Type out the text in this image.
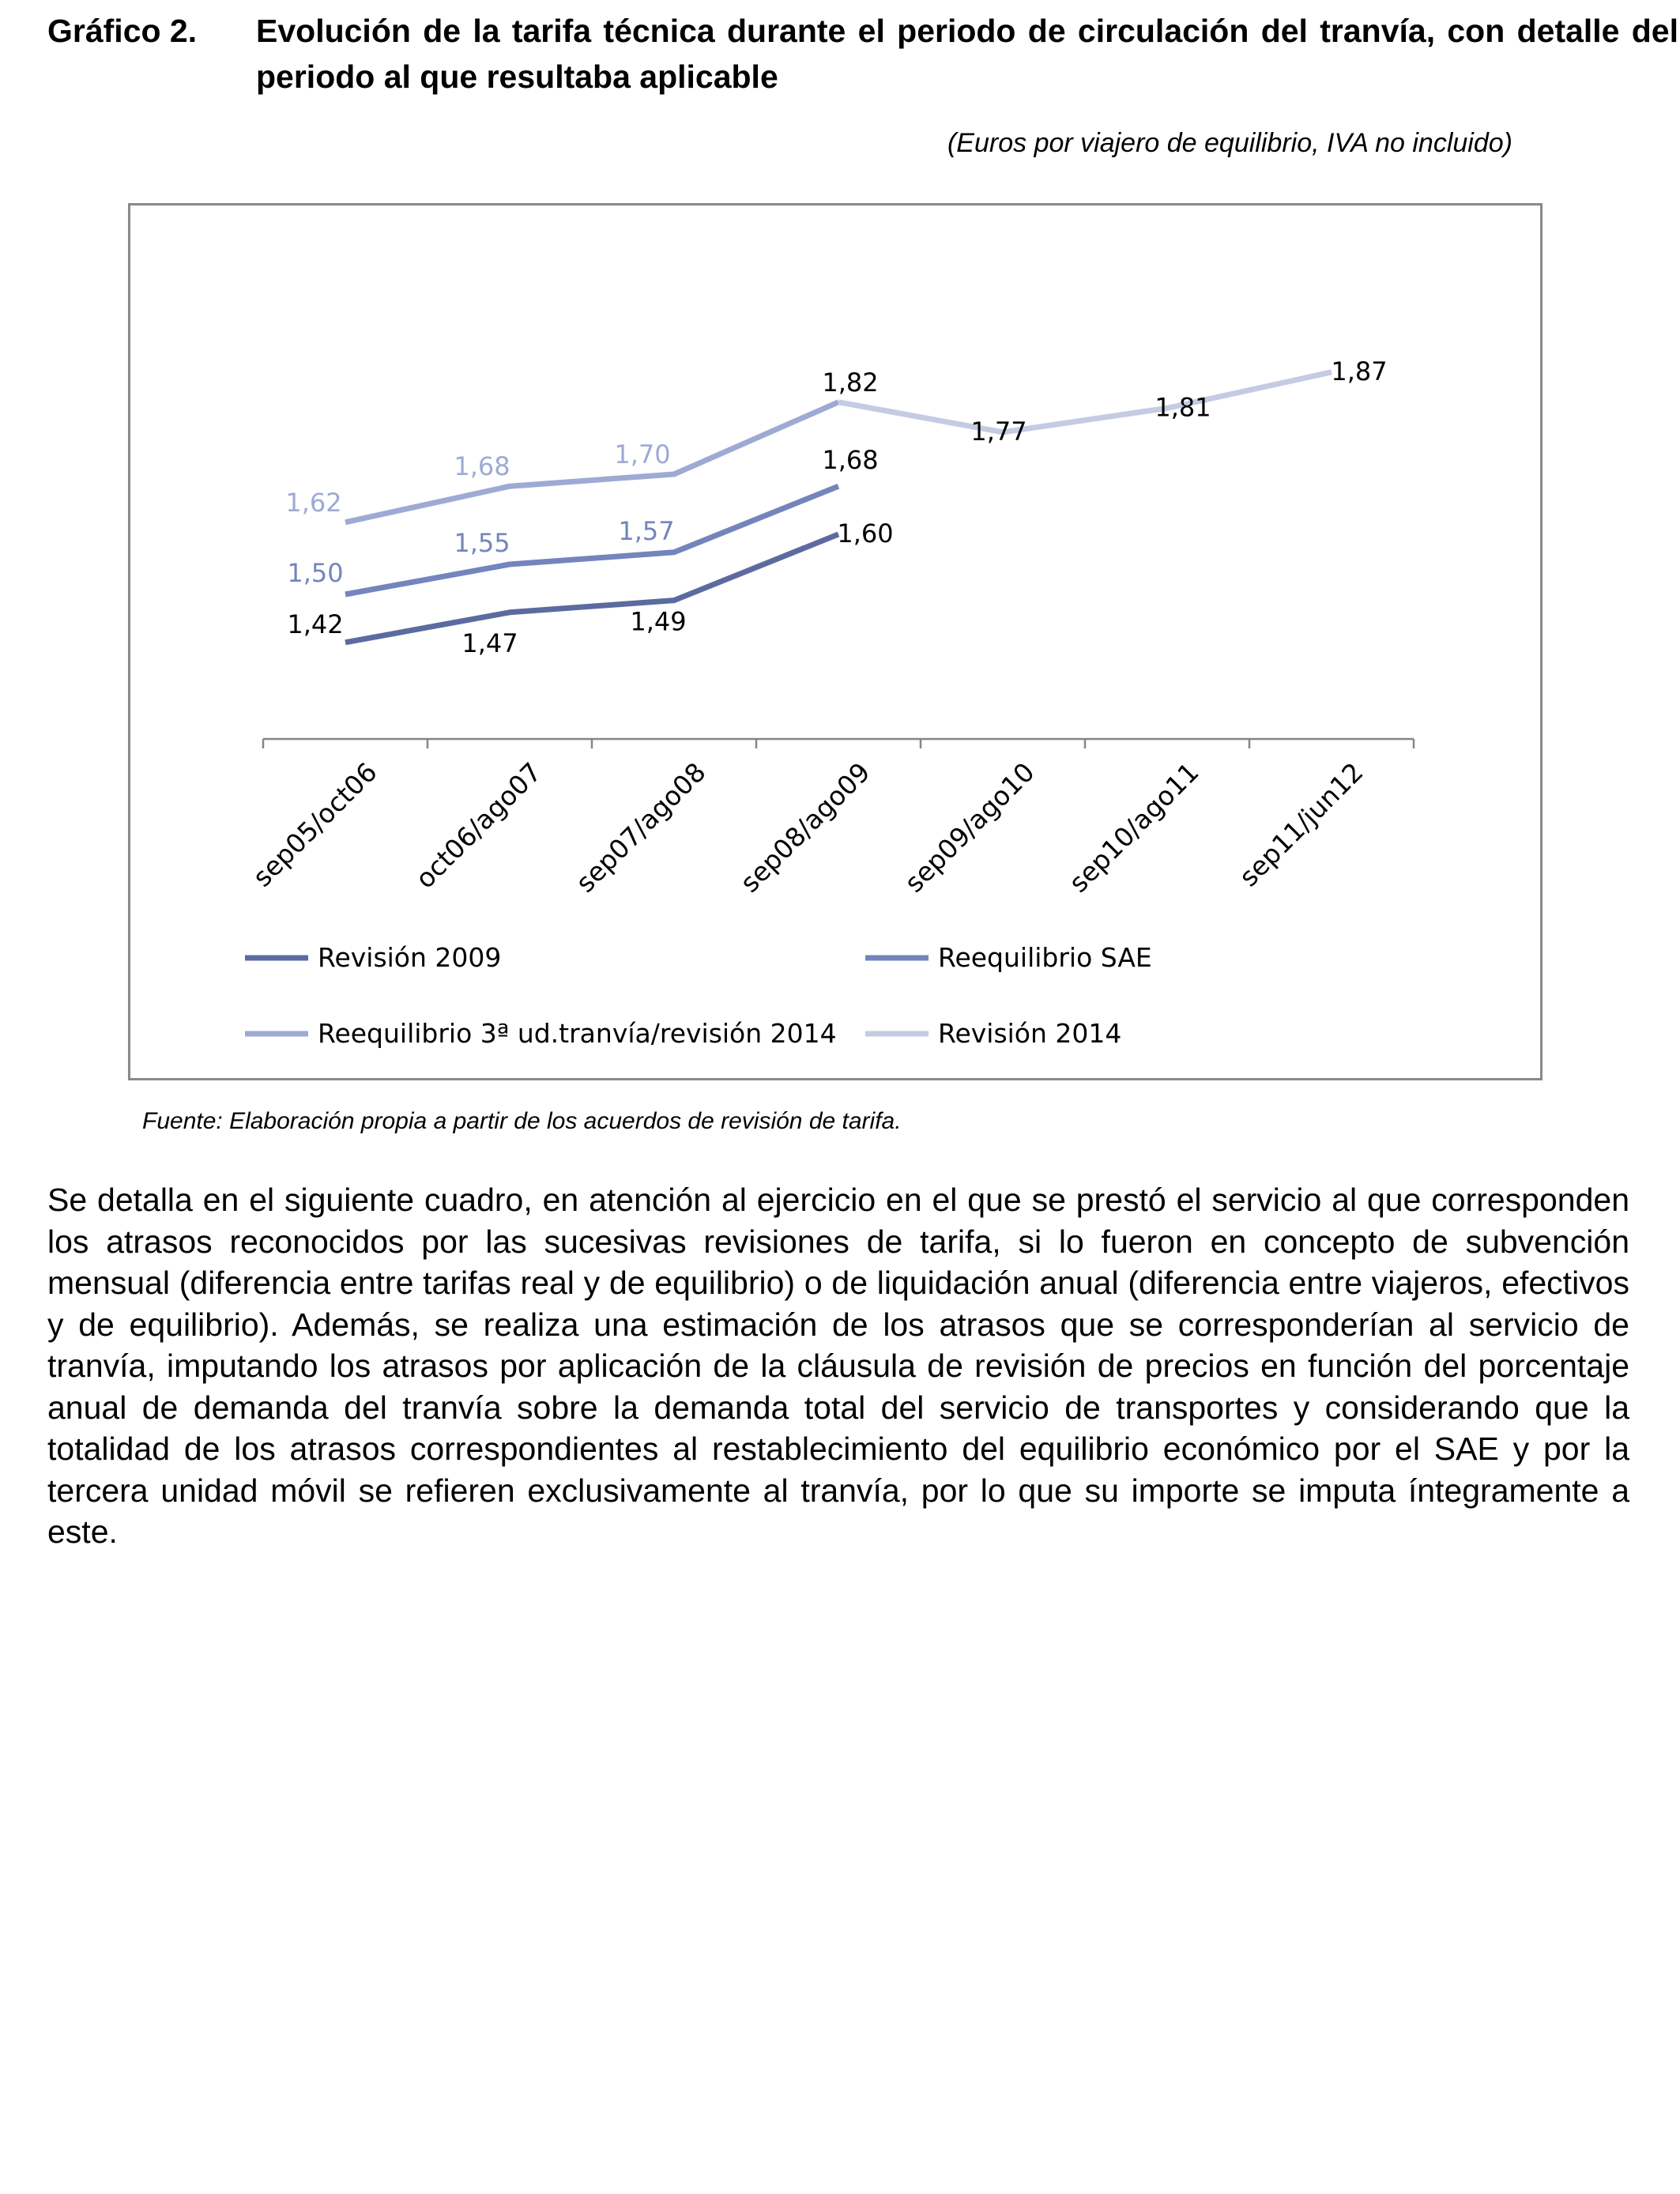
Gráfico 2. Evolución de la tarifa técnica durante el periodo de circulación del tranvía, con detalle del periodo al que resultaba aplicable
(Euros por viajero de equilibrio, IVA no incluido)
sep05/oct06 oct06/ago07 sep07/ago08 sep08/ago09 sep09/ago10 sep10/ago11 sep11/jun12
1,42
1,47
1,49
1,60
1,50
1,55	1,57
1,68
1,62
1,68	1,70
1,82
1,77
1,81
1,87
Revisión 2009	Reequilibrio SAE
Reequilibrio 3ª ud.tranvía/revisión 2014	Revisión 2014
Fuente: Elaboración propia a partir de los acuerdos de revisión de tarifa.
Se detalla en el siguiente cuadro, en atención al ejercicio en el que se prestó el servicio al que corresponden los atrasos reconocidos por las sucesivas revisiones de tarifa, si lo fueron en concepto de subvención mensual (diferencia entre tarifas real y de equilibrio) o de liquidación anual (diferencia entre viajeros, efectivos y de equilibrio). Además, se realiza una estimación de los atrasos que se corresponderían al servicio de tranvía, imputando los atrasos por aplicación de la cláusula de revisión de precios en función del porcentaje anual de demanda del tranvía sobre la demanda total del servicio de transportes y considerando que la totalidad de los atrasos correspondientes al restablecimiento del equilibrio económico por el SAE y por la tercera unidad móvil se refieren exclusivamente al tranvía, por lo que su importe se imputa íntegramente a este.
